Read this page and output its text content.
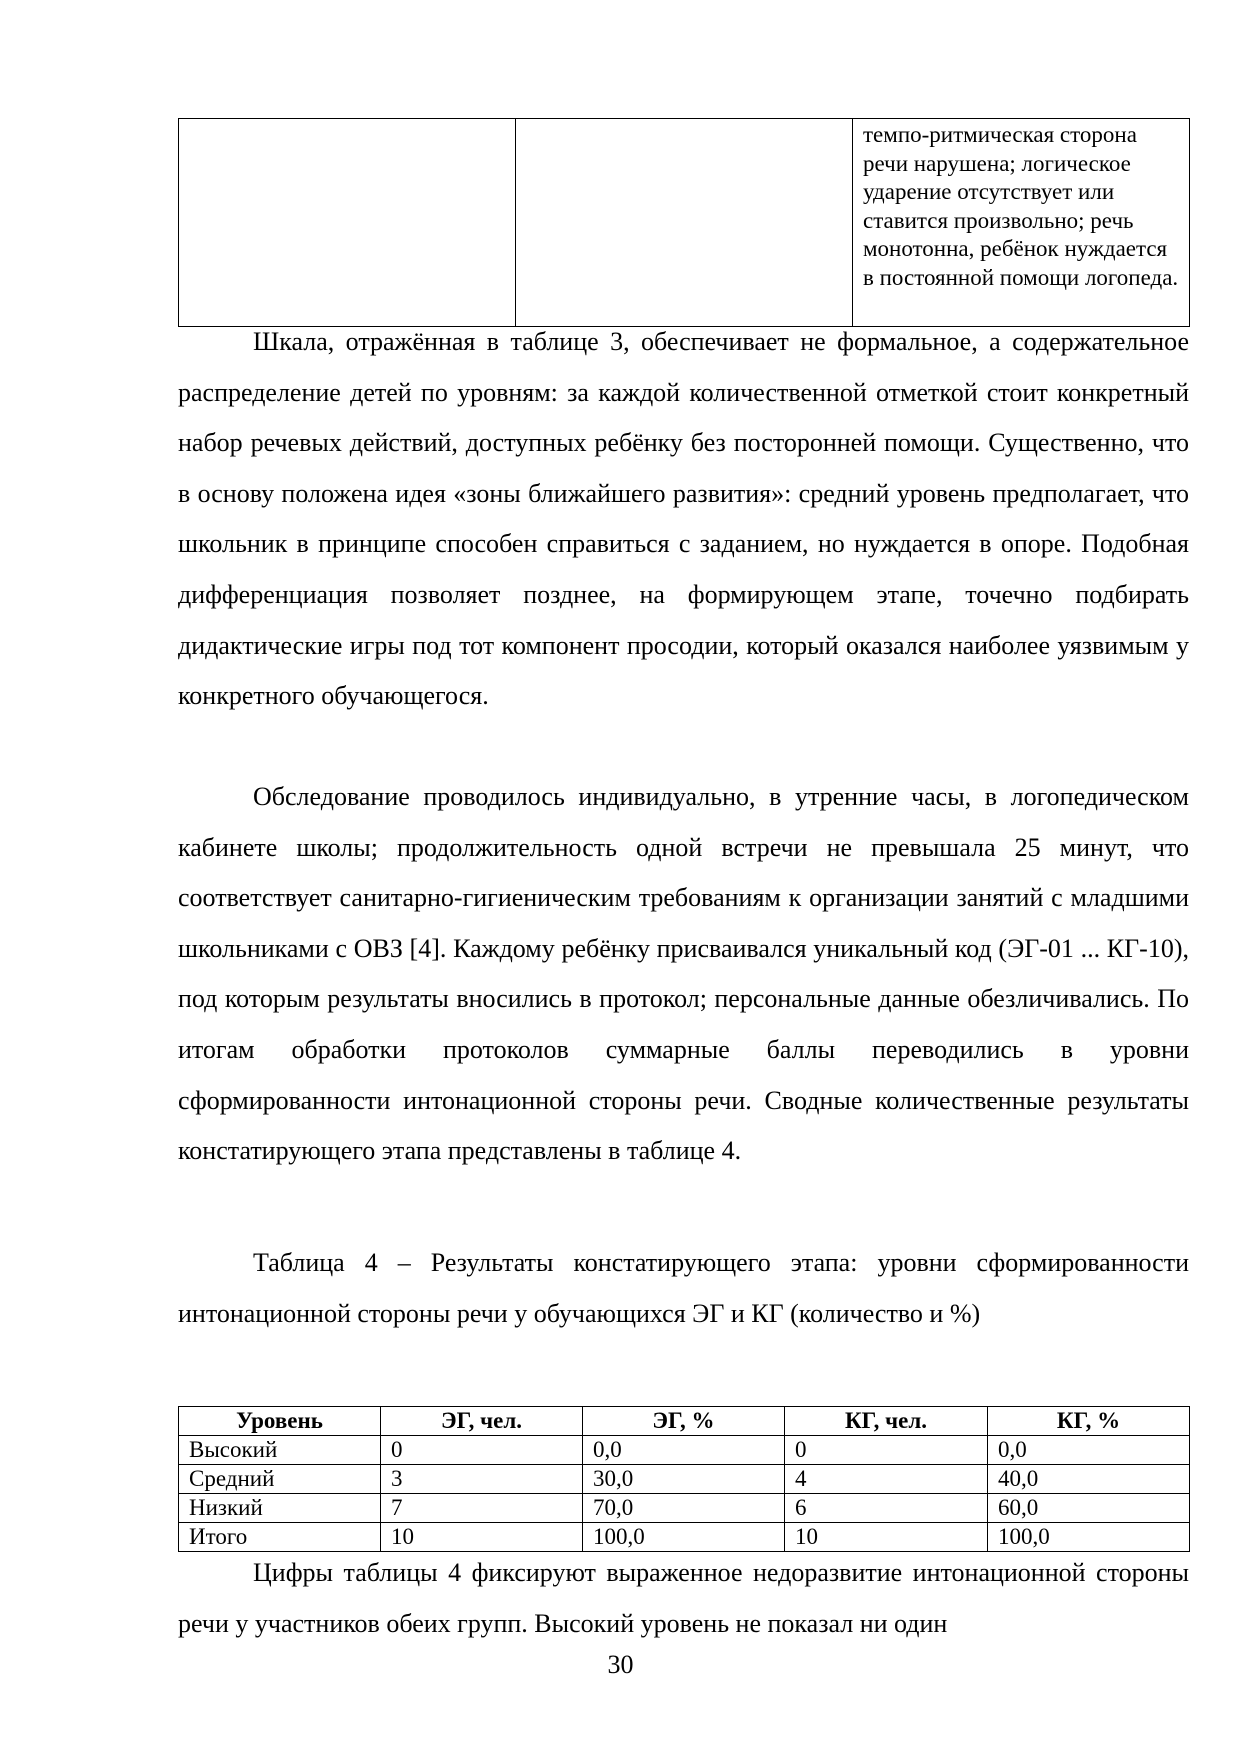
		темпо-ритмическая сторона речи нарушена; логическое ударение отсутствует или ставится произвольно; речь монотонна, ребёнок нуждается в постоянной помощи логопеда.

Шкала, отражённая в таблице 3, обеспечивает не формальное, а содержательное распределение детей по уровням: за каждой количественной отметкой стоит конкретный набор речевых действий, доступных ребёнку без посторонней помощи. Существенно, что в основу положена идея «зоны ближайшего развития»: средний уровень предполагает, что школьник в принципе способен справиться с заданием, но нуждается в опоре. Подобная дифференциация позволяет позднее, на формирующем этапе, точечно подбирать дидактические игры под тот компонент просодии, который оказался наиболее уязвимым у конкретного обучающегося.

Обследование проводилось индивидуально, в утренние часы, в логопедическом кабинете школы; продолжительность одной встречи не превышала 25 минут, что соответствует санитарно-гигиеническим требованиям к организации занятий с младшими школьниками с ОВЗ [4]. Каждому ребёнку присваивался уникальный код (ЭГ-01 ... КГ-10), под которым результаты вносились в протокол; персональные данные обезличивались. По итогам обработки протоколов суммарные баллы переводились в уровни сформированности интонационной стороны речи. Сводные количественные результаты констатирующего этапа представлены в таблице 4.

Таблица 4 – Результаты констатирующего этапа: уровни сформированности интонационной стороны речи у обучающихся ЭГ и КГ (количество и %)

Уровень	ЭГ, чел.	ЭГ, %	КГ, чел.	КГ, %
Высокий	0	0,0	0	0,0
Средний	3	30,0	4	40,0
Низкий	7	70,0	6	60,0
Итого	10	100,0	10	100,0

Цифры таблицы 4 фиксируют выраженное недоразвитие интонационной стороны речи у участников обеих групп. Высокий уровень не показал ни один

30
